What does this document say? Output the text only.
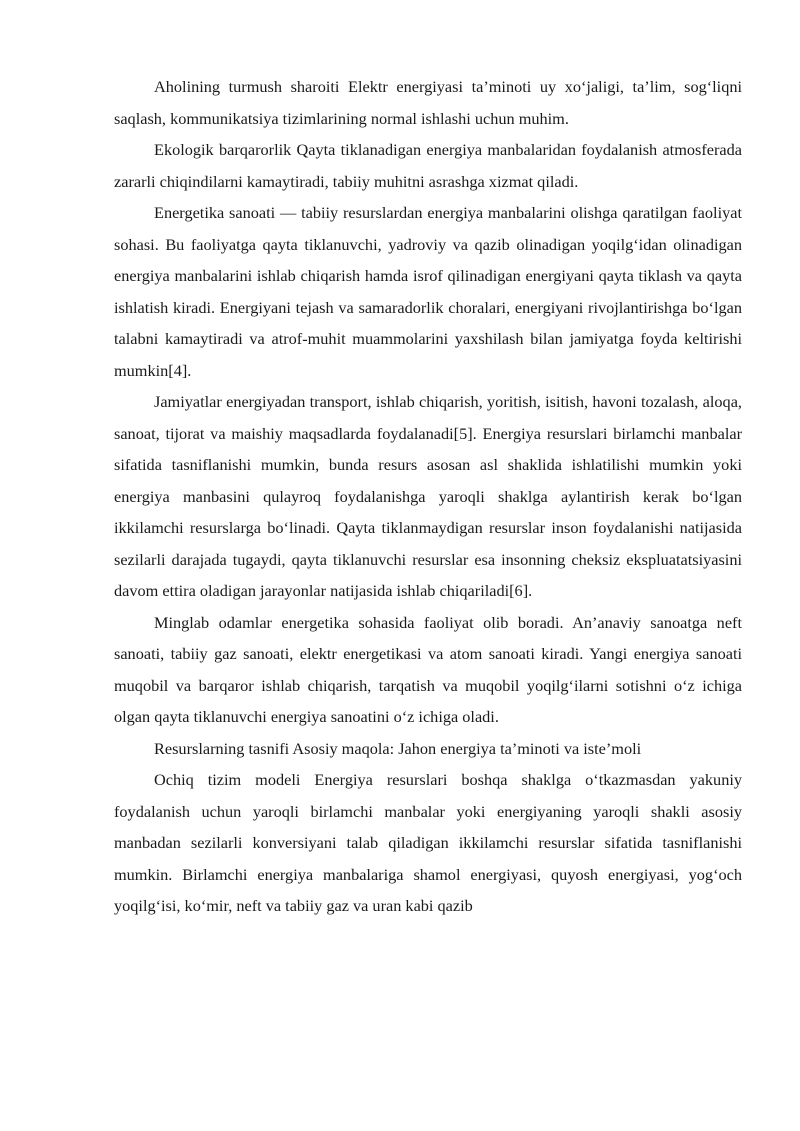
Aholining turmush sharoiti Elektr energiyasi ta’minoti uy xo‘jaligi, ta’lim, sog‘liqni saqlash, kommunikatsiya tizimlarining normal ishlashi uchun muhim.

Ekologik barqarorlik Qayta tiklanadigan energiya manbalaridan foydalanish atmosferada zararli chiqindilarni kamaytiradi, tabiiy muhitni asrashga xizmat qiladi.

Energetika sanoati — tabiiy resurslardan energiya manbalarini olishga qaratilgan faoliyat sohasi. Bu faoliyatga qayta tiklanuvchi, yadroviy va qazib olinadigan yoqilg‘idan olinadigan energiya manbalarini ishlab chiqarish hamda isrof qilinadigan energiyani qayta tiklash va qayta ishlatish kiradi. Energiyani tejash va samaradorlik choralari, energiyani rivojlantirishga bo‘lgan talabni kamaytiradi va atrof-muhit muammolarini yaxshilash bilan jamiyatga foyda keltirishi mumkin[4].

Jamiyatlar energiyadan transport, ishlab chiqarish, yoritish, isitish, havoni tozalash, aloqa, sanoat, tijorat va maishiy maqsadlarda foydalanadi[5]. Energiya resurslari birlamchi manbalar sifatida tasniflanishi mumkin, bunda resurs asosan asl shaklida ishlatilishi mumkin yoki energiya manbasini qulayroq foydalanishga yaroqli shaklga aylantirish kerak bo‘lgan ikkilamchi resurslarga bo‘linadi. Qayta tiklanmaydigan resurslar inson foydalanishi natijasida sezilarli darajada tugaydi, qayta tiklanuvchi resurslar esa insonning cheksiz ekspluatatsiyasini davom ettira oladigan jarayonlar natijasida ishlab chiqariladi[6].

Minglab odamlar energetika sohasida faoliyat olib boradi. An’anaviy sanoatga neft sanoati, tabiiy gaz sanoati, elektr energetikasi va atom sanoati kiradi. Yangi energiya sanoati muqobil va barqaror ishlab chiqarish, tarqatish va muqobil yoqilg‘ilarni sotishni o‘z ichiga olgan qayta tiklanuvchi energiya sanoatini o‘z ichiga oladi.

Resurslarning tasnifi Asosiy maqola: Jahon energiya ta’minoti va iste’moli

Ochiq tizim modeli Energiya resurslari boshqa shaklga o‘tkazmasdan yakuniy foydalanish uchun yaroqli birlamchi manbalar yoki energiyaning yaroqli shakli asosiy manbadan sezilarli konversiyani talab qiladigan ikkilamchi resurslar sifatida tasniflanishi mumkin. Birlamchi energiya manbalariga shamol energiyasi, quyosh energiyasi, yog‘och yoqilg‘isi, ko‘mir, neft va tabiiy gaz va uran kabi qazib
